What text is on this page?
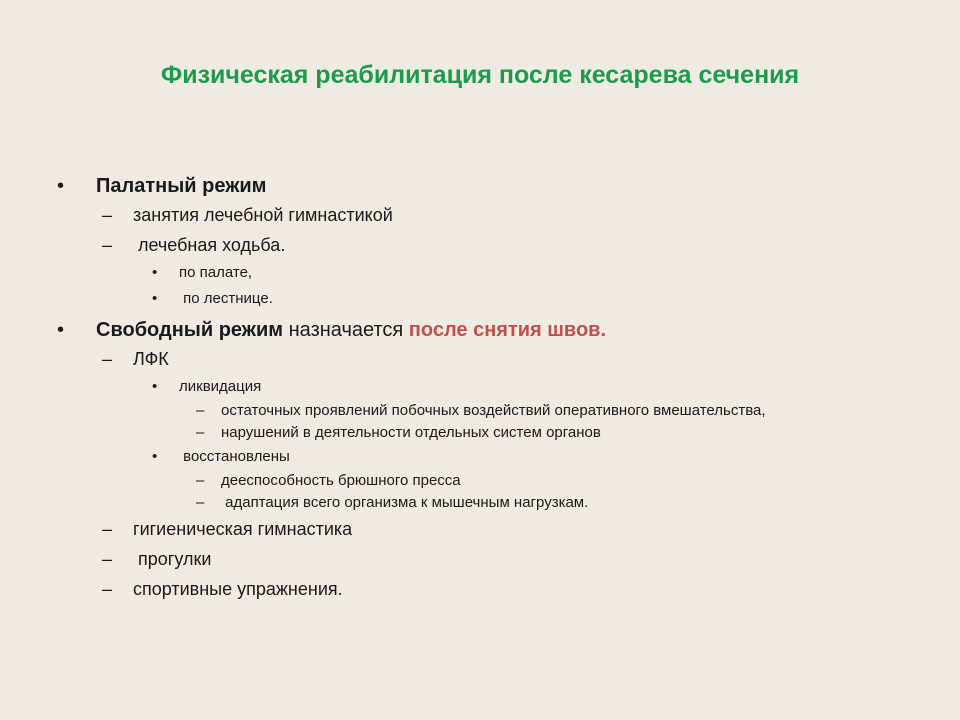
Физическая реабилитация после кесарева сечения
•	Палатный режим
–	занятия лечебной гимнастикой
–	лечебная ходьба.
•	по палате,
•	по лестнице.
•	Свободный режим назначается после снятия швов.
–	ЛФК
•	ликвидация
–	остаточных проявлений побочных воздействий оперативного вмешательства,
–	нарушений в деятельности отдельных систем органов
•	восстановлены
–	дееспособность брюшного пресса
–	адаптация всего организма к мышечным нагрузкам.
–	гигиеническая гимнастика
–	прогулки
–	спортивные упражнения.
